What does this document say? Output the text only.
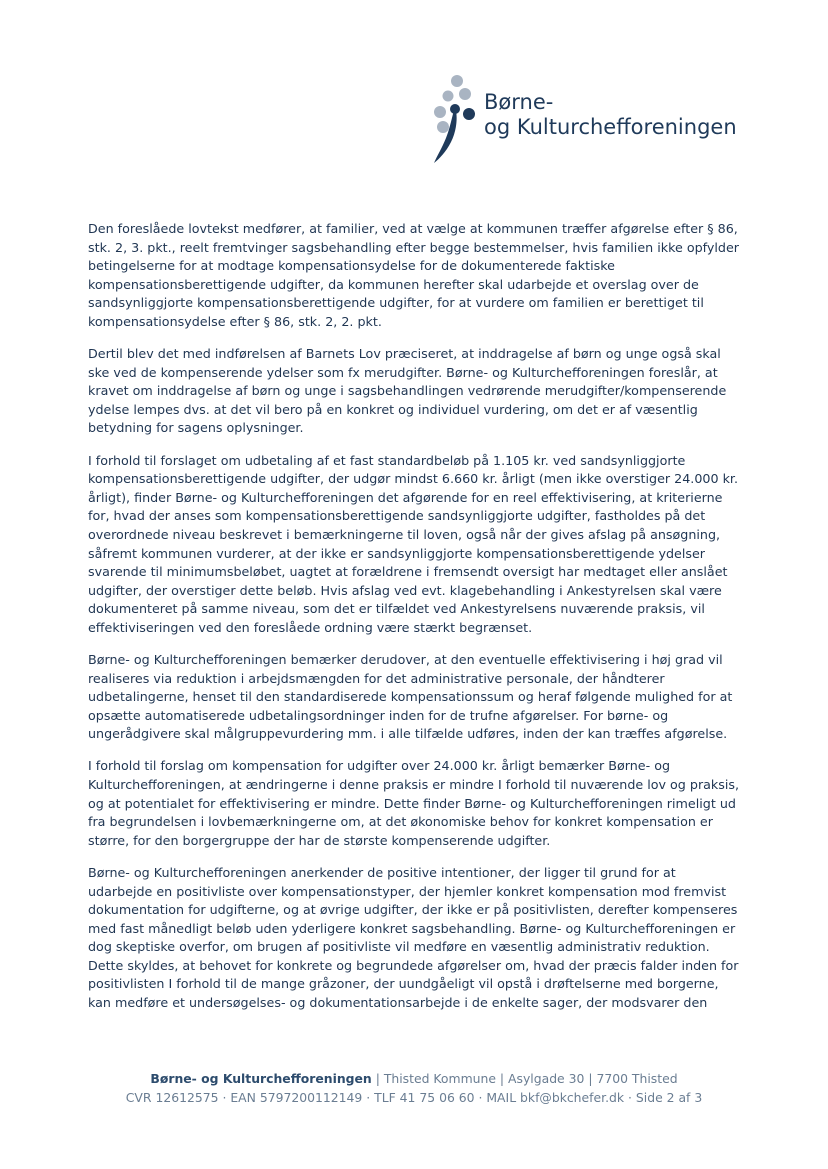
Børne-
og Kulturchefforeningen

Den foreslåede lovtekst medfører, at familier, ved at vælge at kommunen træffer afgørelse efter § 86, stk. 2, 3. pkt., reelt fremtvinger sagsbehandling efter begge bestemmelser, hvis familien ikke opfylder betingelserne for at modtage kompensationsydelse for de dokumenterede faktiske kompensationsberettigende udgifter, da kommunen herefter skal udarbejde et overslag over de sandsynliggjorte kompensationsberettigende udgifter, for at vurdere om familien er berettiget til kompensationsydelse efter § 86, stk. 2, 2. pkt.

Dertil blev det med indførelsen af Barnets Lov præciseret, at inddragelse af børn og unge også skal ske ved de kompenserende ydelser som fx merudgifter. Børne- og Kulturchefforeningen foreslår, at kravet om inddragelse af børn og unge i sagsbehandlingen vedrørende merudgifter/kompenserende ydelse lempes dvs. at det vil bero på en konkret og individuel vurdering, om det er af væsentlig betydning for sagens oplysninger.

I forhold til forslaget om udbetaling af et fast standardbeløb på 1.105 kr. ved sandsynliggjorte kompensationsberettigende udgifter, der udgør mindst 6.660 kr. årligt (men ikke overstiger 24.000 kr. årligt), finder Børne- og Kulturchefforeningen det afgørende for en reel effektivisering, at kriterierne for, hvad der anses som kompensationsberettigende sandsynliggjorte udgifter, fastholdes på det overordnede niveau beskrevet i bemærkningerne til loven, også når der gives afslag på ansøgning, såfremt kommunen vurderer, at der ikke er sandsynliggjorte kompensationsberettigende ydelser svarende til minimumsbeløbet, uagtet at forældrene i fremsendt oversigt har medtaget eller anslået udgifter, der overstiger dette beløb. Hvis afslag ved evt. klagebehandling i Ankestyrelsen skal være dokumenteret på samme niveau, som det er tilfældet ved Ankestyrelsens nuværende praksis, vil effektiviseringen ved den foreslåede ordning være stærkt begrænset.

Børne- og Kulturchefforeningen bemærker derudover, at den eventuelle effektivisering i høj grad vil realiseres via reduktion i arbejdsmængden for det administrative personale, der håndterer udbetalingerne, henset til den standardiserede kompensationssum og heraf følgende mulighed for at opsætte automatiserede udbetalingsordninger inden for de trufne afgørelser. For børne- og ungerådgivere skal målgruppevurdering mm. i alle tilfælde udføres, inden der kan træffes afgørelse.

I forhold til forslag om kompensation for udgifter over 24.000 kr. årligt bemærker Børne- og Kulturchefforeningen, at ændringerne i denne praksis er mindre I forhold til nuværende lov og praksis, og at potentialet for effektivisering er mindre. Dette finder Børne- og Kulturchefforeningen rimeligt ud fra begrundelsen i lovbemærkningerne om, at det økonomiske behov for konkret kompensation er større, for den borgergruppe der har de største kompenserende udgifter.

Børne- og Kulturchefforeningen anerkender de positive intentioner, der ligger til grund for at udarbejde en positivliste over kompensationstyper, der hjemler konkret kompensation mod fremvist dokumentation for udgifterne, og at øvrige udgifter, der ikke er på positivlisten, derefter kompenseres med fast månedligt beløb uden yderligere konkret sagsbehandling. Børne- og Kulturchefforeningen er dog skeptiske overfor, om brugen af positivliste vil medføre en væsentlig administrativ reduktion. Dette skyldes, at behovet for konkrete og begrundede afgørelser om, hvad der præcis falder inden for positivlisten I forhold til de mange gråzoner, der uundgåeligt vil opstå i drøftelserne med borgerne, kan medføre et undersøgelses- og dokumentationsarbejde i de enkelte sager, der modsvarer den

Børne- og Kulturchefforeningen | Thisted Kommune | Asylgade 30 | 7700 Thisted
CVR 12612575 · EAN 5797200112149 · TLF 41 75 06 60 · MAIL bkf@bkchefer.dk · Side 2 af 3
